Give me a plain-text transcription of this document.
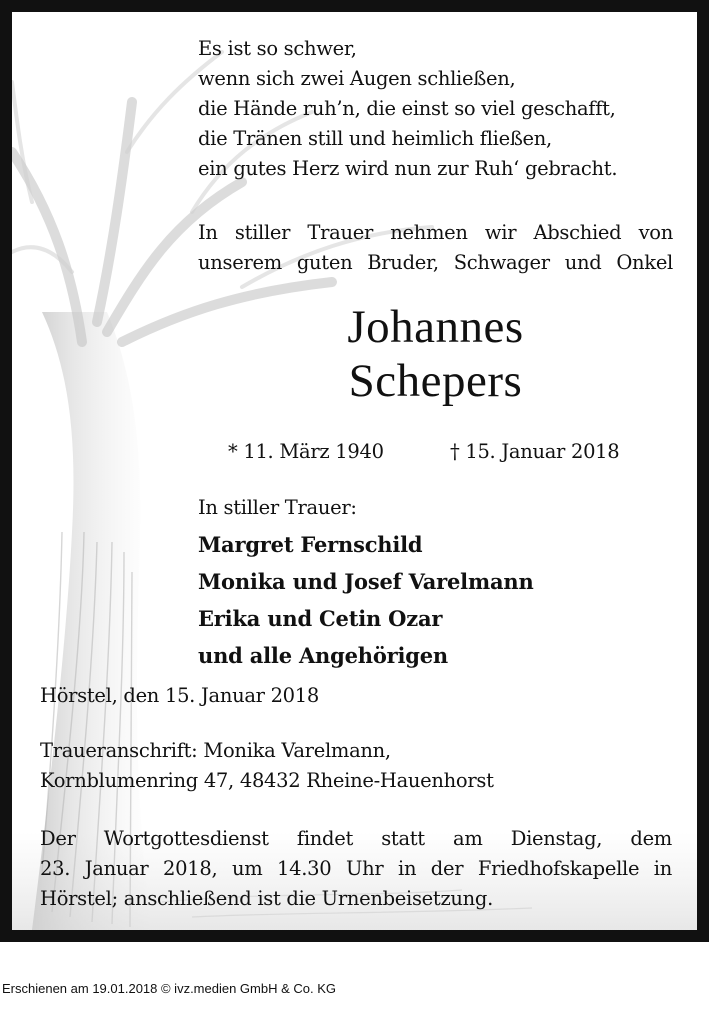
Es ist so schwer,
wenn sich zwei Augen schließen,
die Hände ruh’n, die einst so viel geschafft,
die Tränen still und heimlich fließen,
ein gutes Herz wird nun zur Ruh‘ gebracht.
In stiller Trauer nehmen wir Abschied von
unserem guten Bruder, Schwager und Onkel
Johannes
Schepers
* 11. März 1940	† 15. Januar 2018
In stiller Trauer:
Margret Fernschild
Monika und Josef Varelmann
Erika und Cetin Ozar
und alle Angehörigen
Hörstel, den 15. Januar 2018
Traueranschrift: Monika Varelmann,
Kornblumenring 47, 48432 Rheine-Hauenhorst
Der Wortgottesdienst findet statt am Dienstag, dem
23. Januar 2018, um 14.30 Uhr in der Friedhofskapelle in
Hörstel; anschließend ist die Urnenbeisetzung.
Erschienen am 19.01.2018 © ivz.medien GmbH & Co. KG
